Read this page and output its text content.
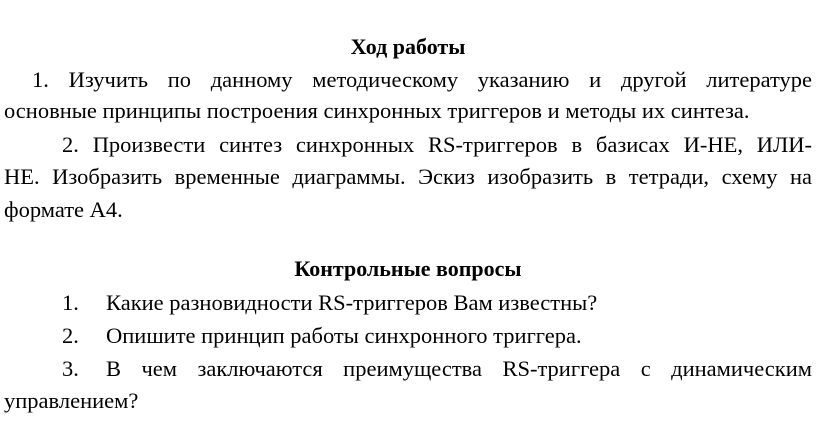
Ход работы

1. Изучить по данному методическому указанию и другой литературе

основные принципы построения синхронных триггеров и методы их синтеза.

2. Произвести синтез синхронных RS-триггеров в базисах И-НЕ, ИЛИ-

НЕ. Изобразить временные диаграммы. Эскиз изобразить в тетради, схему на

формате А4.

Контрольные вопросы

1. Какие разновидности RS-триггеров Вам известны?

2. Опишите принцип работы синхронного триггера.

3. В чем заключаются преимущества RS-триггера с динамическим

управлением?
